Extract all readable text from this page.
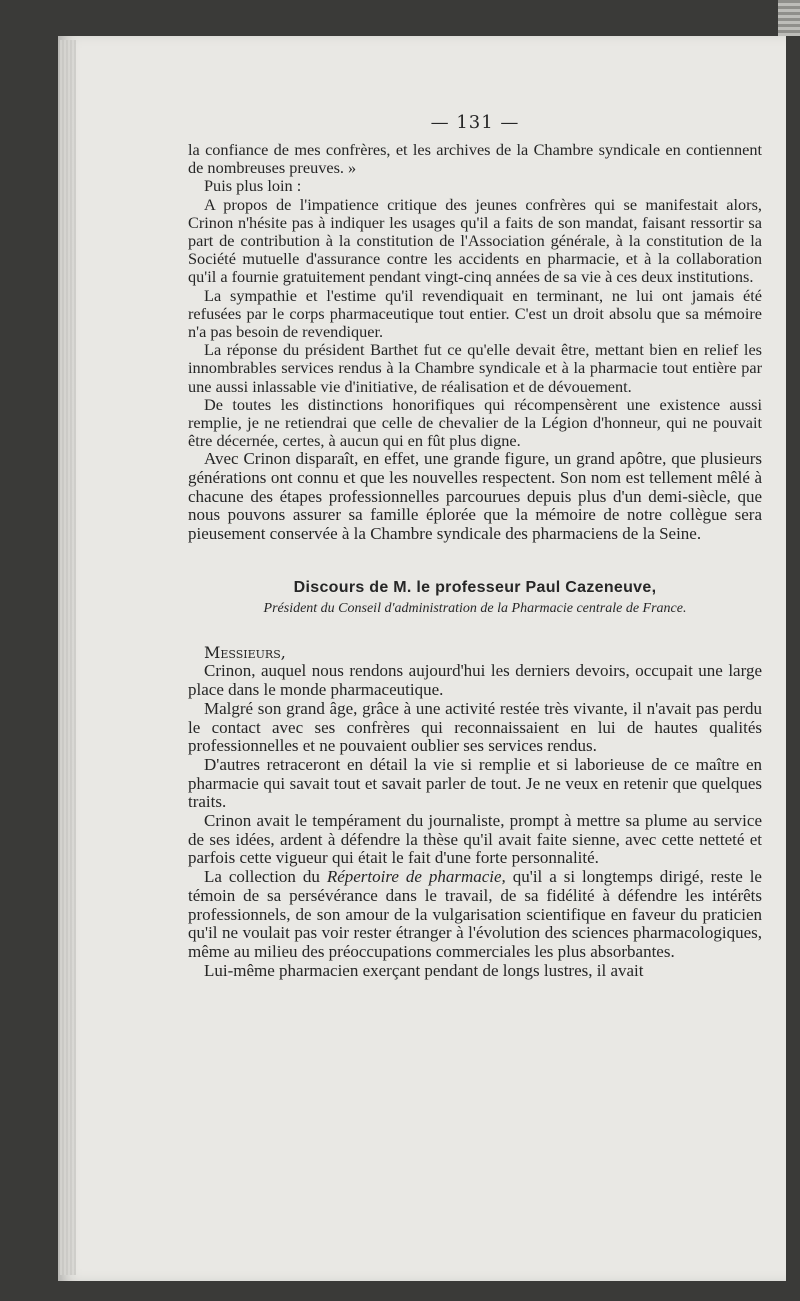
— 131 —

la confiance de mes confrères, et les archives de la Chambre syndicale en contiennent de nombreuses preuves. »

Puis plus loin :

A propos de l'impatience critique des jeunes confrères qui se manifestait alors, Crinon n'hésite pas à indiquer les usages qu'il a faits de son mandat, faisant ressortir sa part de contribution à la constitution de l'Association générale, à la constitution de la Société mutuelle d'assurance contre les accidents en pharmacie, et à la collaboration qu'il a fournie gratuitement pendant vingt-cinq années de sa vie à ces deux institutions.

La sympathie et l'estime qu'il revendiquait en terminant, ne lui ont jamais été refusées par le corps pharmaceutique tout entier. C'est un droit absolu que sa mémoire n'a pas besoin de revendiquer.

La réponse du président Barthet fut ce qu'elle devait être, mettant bien en relief les innombrables services rendus à la Chambre syndicale et à la pharmacie tout entière par une aussi inlassable vie d'initiative, de réalisation et de dévouement.

De toutes les distinctions honorifiques qui récompensèrent une existence aussi remplie, je ne retiendrai que celle de chevalier de la Légion d'honneur, qui ne pouvait être décernée, certes, à aucun qui en fût plus digne.

Avec Crinon disparaît, en effet, une grande figure, un grand apôtre, que plusieurs générations ont connu et que les nouvelles respectent. Son nom est tellement mêlé à chacune des étapes professionnelles parcourues depuis plus d'un demi-siècle, que nous pouvons assurer sa famille éplorée que la mémoire de notre collègue sera pieusement conservée à la Chambre syndicale des pharmaciens de la Seine.

Discours de M. le professeur Paul Cazeneuve,
Président du Conseil d'administration de la Pharmacie centrale de France.
Messieurs,

Crinon, auquel nous rendons aujourd'hui les derniers devoirs, occupait une large place dans le monde pharmaceutique.

Malgré son grand âge, grâce à une activité restée très vivante, il n'avait pas perdu le contact avec ses confrères qui reconnaissaient en lui de hautes qualités professionnelles et ne pouvaient oublier ses services rendus.

D'autres retraceront en détail la vie si remplie et si laborieuse de ce maître en pharmacie qui savait tout et savait parler de tout. Je ne veux en retenir que quelques traits.

Crinon avait le tempérament du journaliste, prompt à mettre sa plume au service de ses idées, ardent à défendre la thèse qu'il avait faite sienne, avec cette netteté et parfois cette vigueur qui était le fait d'une forte personnalité.

La collection du Répertoire de pharmacie, qu'il a si longtemps dirigé, reste le témoin de sa persévérance dans le travail, de sa fidélité à défendre les intérêts professionnels, de son amour de la vulgarisation scientifique en faveur du praticien qu'il ne voulait pas voir rester étranger à l'évolution des sciences pharmacologiques, même au milieu des préoccupations commerciales les plus absorbantes.

Lui-même pharmacien exerçant pendant de longs lustres, il avait
